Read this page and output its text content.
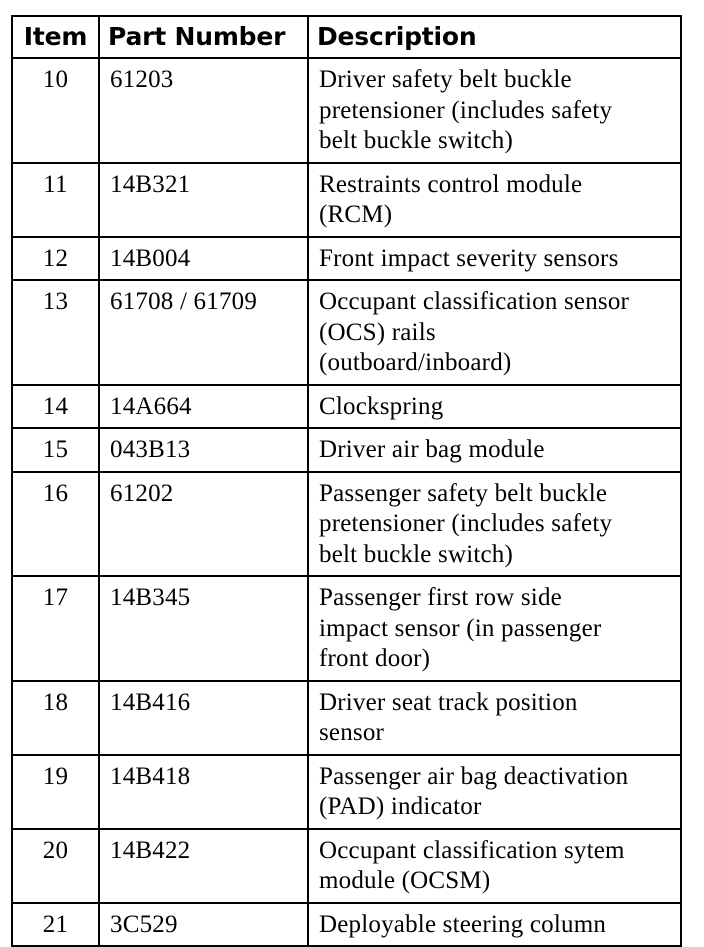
Item	Part Number	Description
10	61203	Driver safety belt buckle
pretensioner (includes safety
belt buckle switch)

11	14B321	Restraints control module
(RCM)

12	14B004	Front impact severity sensors

13	61708 / 61709	Occupant classification sensor
(OCS) rails
(outboard/inboard)

14	14A664	Clockspring

15	043B13	Driver air bag module

16	61202	Passenger safety belt buckle
pretensioner (includes safety
belt buckle switch)

17	14B345	Passenger first row side
impact sensor (in passenger
front door)

18	14B416	Driver seat track position
sensor

19	14B418	Passenger air bag deactivation
(PAD) indicator

20	14B422	Occupant classification sytem
module (OCSM)

21	3C529	Deployable steering column
